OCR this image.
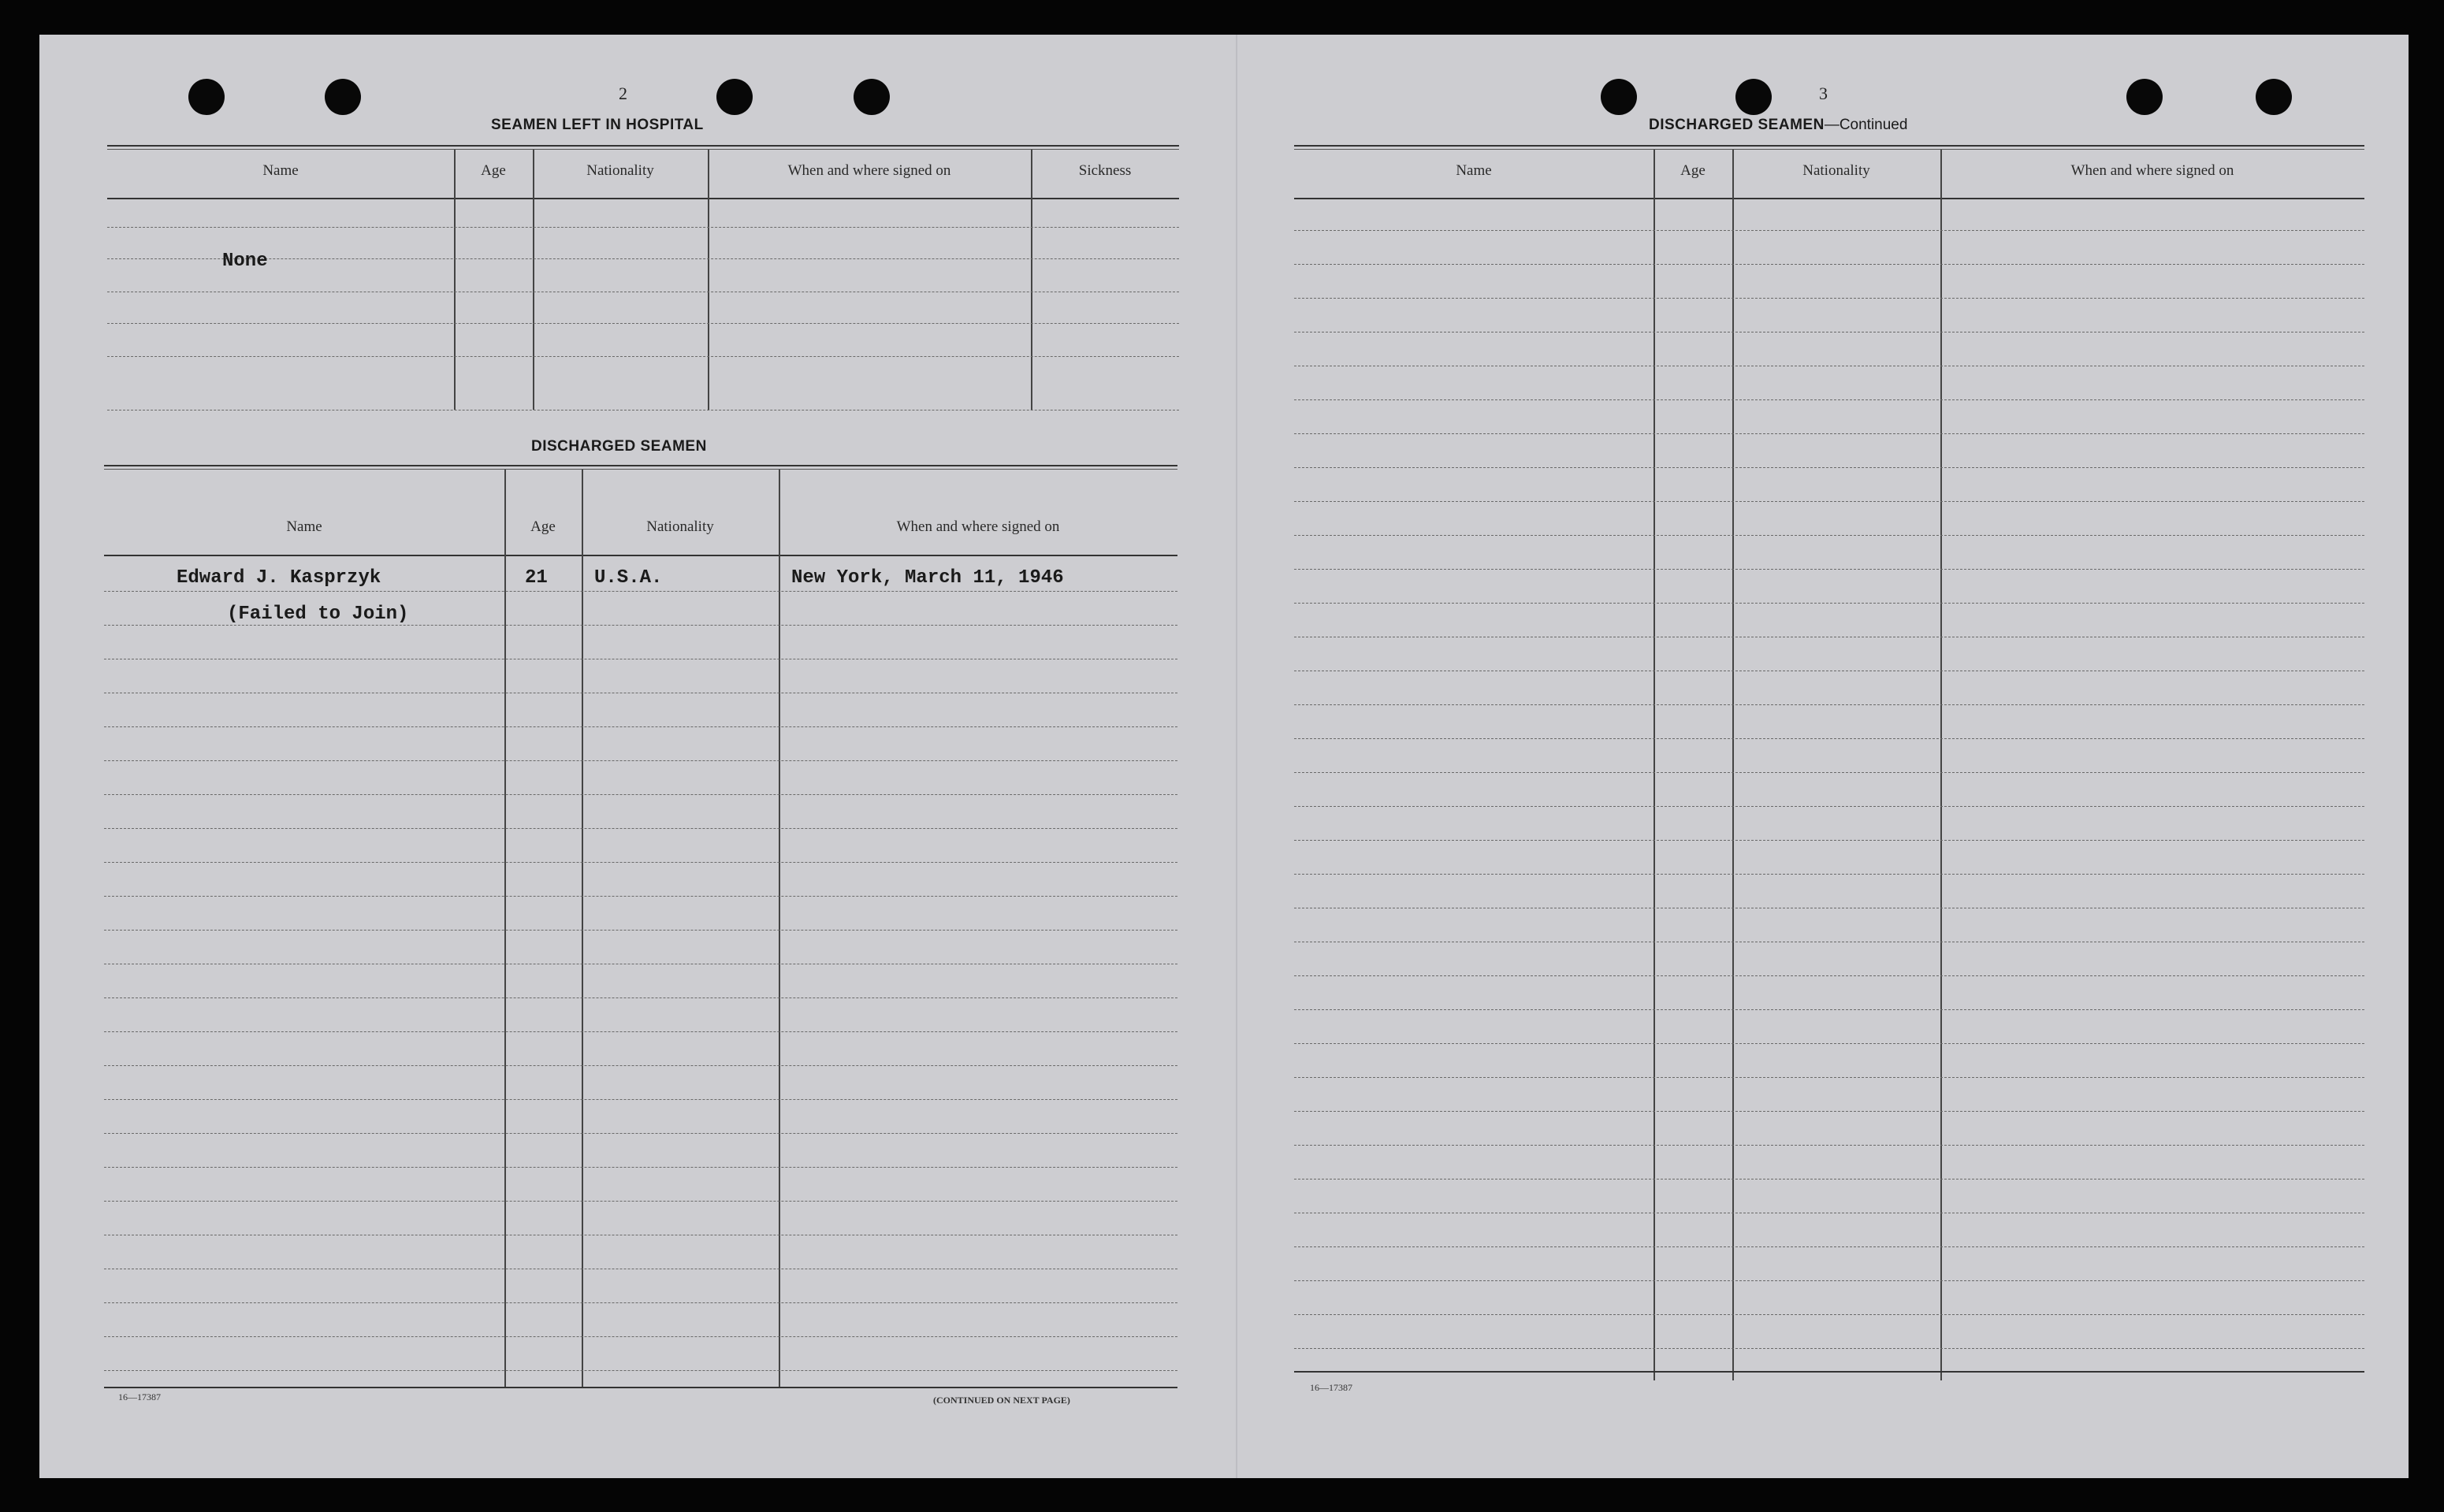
2
SEAMEN LEFT IN HOSPITAL
Name	Age	Nationality	When and where signed on	Sickness
None
DISCHARGED SEAMEN
Name	Age	Nationality	When and where signed on
Edward J. Kasprzyk	21 U.S.A.	New York, March 11, 1946
(Failed to Join)
16—17387	(CONTINUED ON NEXT PAGE)
3
DISCHARGED SEAMEN—Continued
Name	Age	Nationality	When and where signed on
16—17387
